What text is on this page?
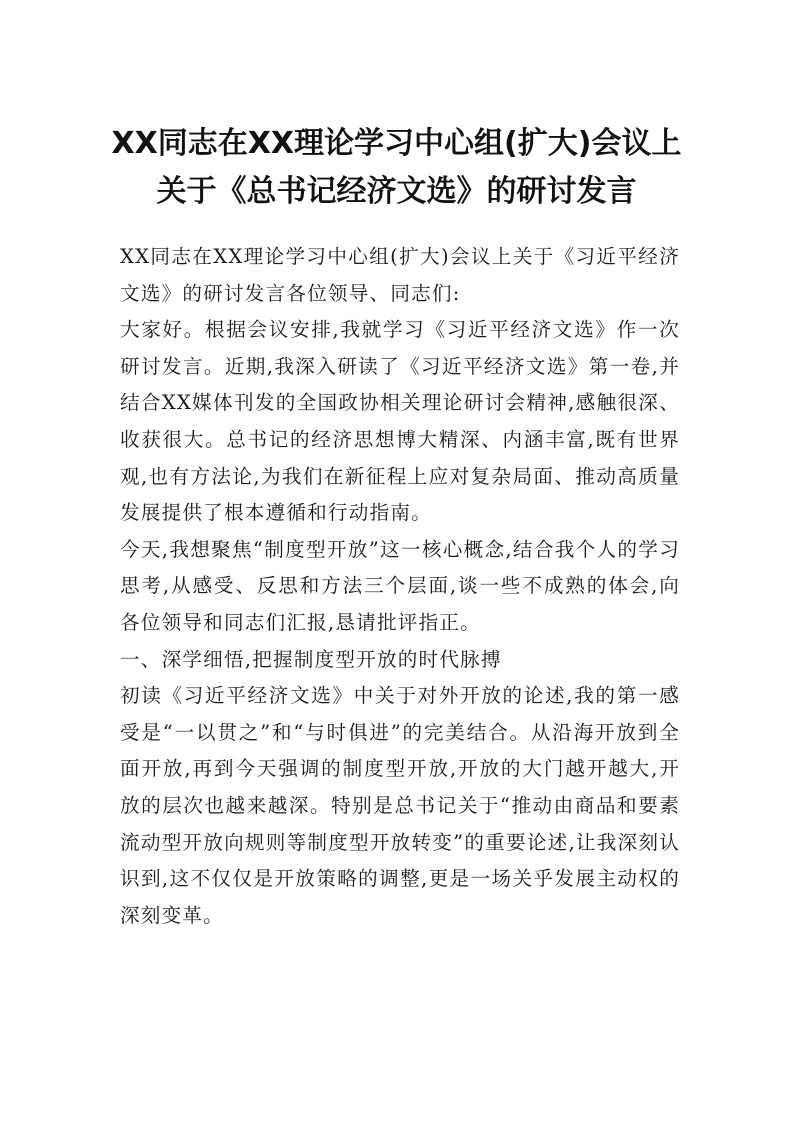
XX同志在XX理论学习中心组(扩大)会议上
关于《总书记经济文选》的研讨发言

XX同志在XX理论学习中心组(扩大)会议上关于《习近平经济文选》的研讨发言各位领导、同志们:

大家好。根据会议安排,我就学习《习近平经济文选》作一次研讨发言。近期,我深入研读了《习近平经济文选》第一卷,并结合XX媒体刊发的全国政协相关理论研讨会精神,感触很深、收获很大。总书记的经济思想博大精深、内涵丰富,既有世界观,也有方法论,为我们在新征程上应对复杂局面、推动高质量发展提供了根本遵循和行动指南。

今天,我想聚焦“制度型开放”这一核心概念,结合我个人的学习思考,从感受、反思和方法三个层面,谈一些不成熟的体会,向各位领导和同志们汇报,恳请批评指正。

一、深学细悟,把握制度型开放的时代脉搏

初读《习近平经济文选》中关于对外开放的论述,我的第一感受是“一以贯之”和“与时俱进”的完美结合。从沿海开放到全面开放,再到今天强调的制度型开放,开放的大门越开越大,开放的层次也越来越深。特别是总书记关于“推动由商品和要素流动型开放向规则等制度型开放转变”的重要论述,让我深刻认识到,这不仅仅是开放策略的调整,更是一场关乎发展主动权的深刻变革。
